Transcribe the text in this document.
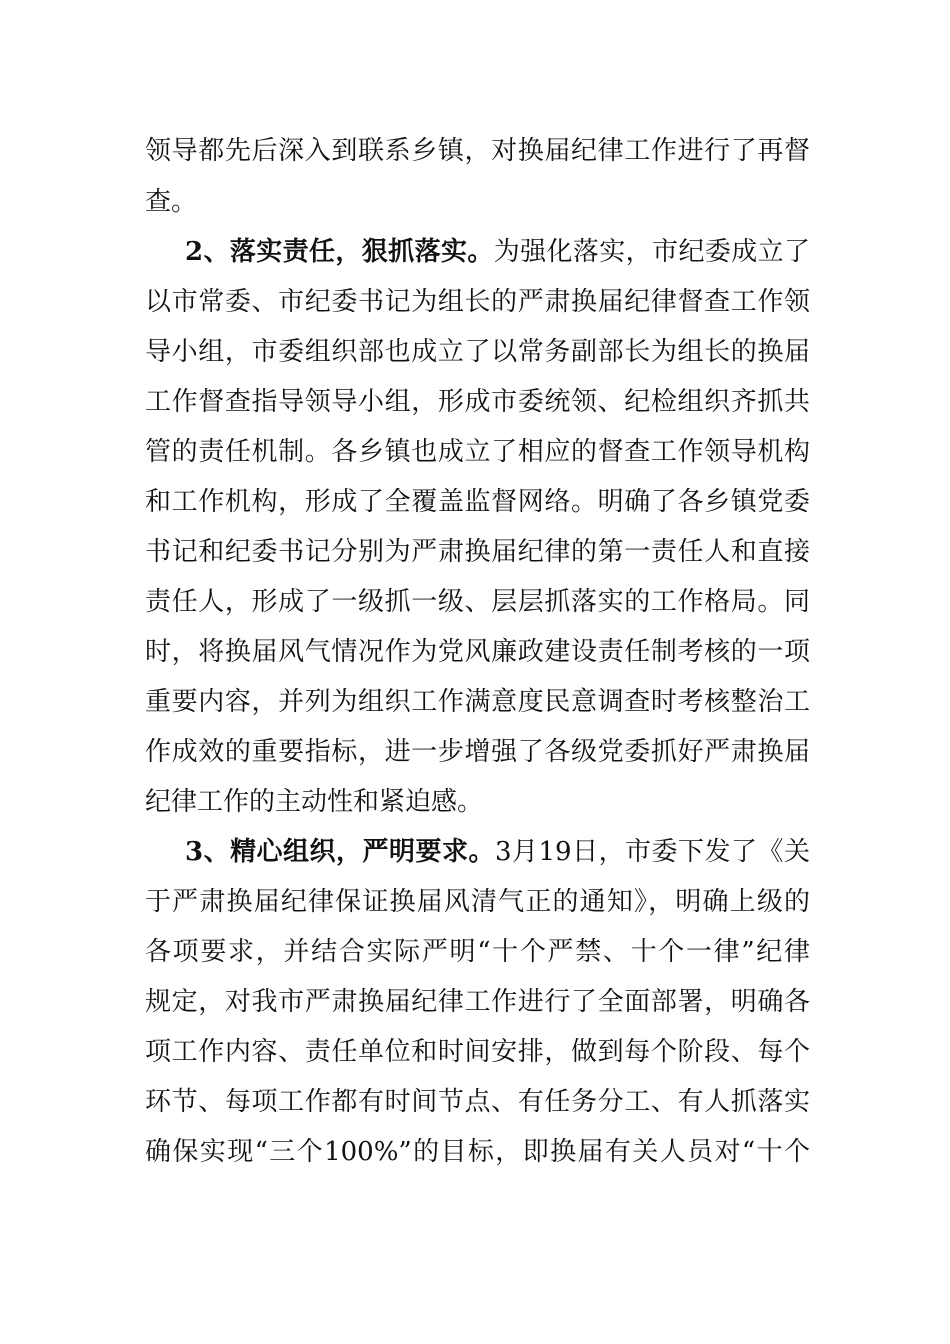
领导都先后深入到联系乡镇，对换届纪律工作进行了再督
查。
2、落实责任，狠抓落实。为强化落实，市纪委成立了
以市常委、市纪委书记为组长的严肃换届纪律督查工作领
导小组，市委组织部也成立了以常务副部长为组长的换届
工作督查指导领导小组，形成市委统领、纪检组织齐抓共
管的责任机制。各乡镇也成立了相应的督查工作领导机构
和工作机构，形成了全覆盖监督网络。明确了各乡镇党委
书记和纪委书记分别为严肃换届纪律的第一责任人和直接
责任人，形成了一级抓一级、层层抓落实的工作格局。同
时，将换届风气情况作为党风廉政建设责任制考核的一项
重要内容，并列为组织工作满意度民意调查时考核整治工
作成效的重要指标，进一步增强了各级党委抓好严肃换届
纪律工作的主动性和紧迫感。
3、精心组织，严明要求。3月19日，市委下发了《关
于严肃换届纪律保证换届风清气正的通知》，明确上级的
各项要求，并结合实际严明“十个严禁、十个一律”纪律
规定，对我市严肃换届纪律工作进行了全面部署，明确各
项工作内容、责任单位和时间安排，做到每个阶段、每个
环节、每项工作都有时间节点、有任务分工、有人抓落实
确保实现“三个100%”的目标，即换届有关人员对“十个
